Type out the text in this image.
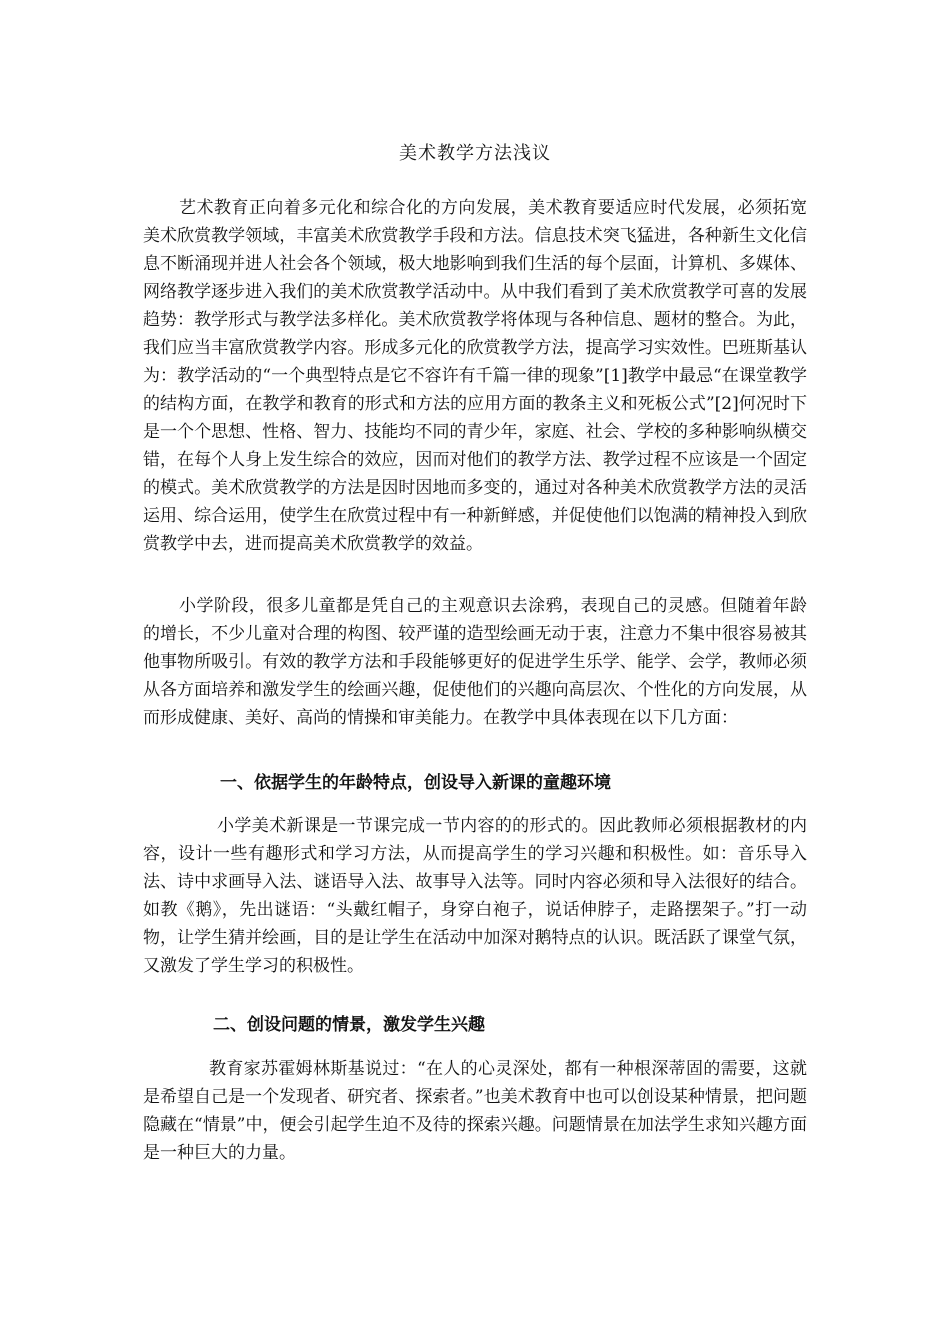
美术教学方法浅议

艺术教育正向着多元化和综合化的方向发展，美术教育要适应时代发展，必须拓宽美术欣赏教学领域，丰富美术欣赏教学手段和方法。信息技术突飞猛进，各种新生文化信息不断涌现并进人社会各个领域，极大地影响到我们生活的每个层面，计算机、多媒体、网络教学逐步进入我们的美术欣赏教学活动中。从中我们看到了美术欣赏教学可喜的发展趋势：教学形式与教学法多样化。美术欣赏教学将体现与各种信息、题材的整合。为此，我们应当丰富欣赏教学内容。形成多元化的欣赏教学方法，提高学习实效性。巴班斯基认为：教学活动的“一个典型特点是它不容许有千篇一律的现象”[1]教学中最忌“在课堂教学的结构方面，在教学和教育的形式和方法的应用方面的教条主义和死板公式”[2]何况时下是一个个思想、性格、智力、技能均不同的青少年，家庭、社会、学校的多种影响纵横交错，在每个人身上发生综合的效应，因而对他们的教学方法、教学过程不应该是一个固定的模式。美术欣赏教学的方法是因时因地而多变的，通过对各种美术欣赏教学方法的灵活运用、综合运用，使学生在欣赏过程中有一种新鲜感，并促使他们以饱满的精神投入到欣赏教学中去，进而提高美术欣赏教学的效益。

小学阶段，很多儿童都是凭自己的主观意识去涂鸦，表现自己的灵感。但随着年龄的增长，不少儿童对合理的构图、较严谨的造型绘画无动于衷，注意力不集中很容易被其他事物所吸引。有效的教学方法和手段能够更好的促进学生乐学、能学、会学，教师必须从各方面培养和激发学生的绘画兴趣，促使他们的兴趣向高层次、个性化的方向发展，从而形成健康、美好、高尚的情操和审美能力。在教学中具体表现在以下几方面：

一、依据学生的年龄特点，创设导入新课的童趣环境

小学美术新课是一节课完成一节内容的的形式的。因此教师必须根据教材的内容，设计一些有趣形式和学习方法，从而提高学生的学习兴趣和积极性。如：音乐导入法、诗中求画导入法、谜语导入法、故事导入法等。同时内容必须和导入法很好的结合。如教《鹅》，先出谜语：“头戴红帽子，身穿白袍子，说话伸脖子，走路摆架子。”打一动物，让学生猜并绘画，目的是让学生在活动中加深对鹅特点的认识。既活跃了课堂气氛，又激发了学生学习的积极性。

二、创设问题的情景，激发学生兴趣

教育家苏霍姆林斯基说过：“在人的心灵深处，都有一种根深蒂固的需要，这就是希望自己是一个发现者、研究者、探索者。”也美术教育中也可以创设某种情景，把问题隐藏在“情景”中，便会引起学生迫不及待的探索兴趣。问题情景在加法学生求知兴趣方面是一种巨大的力量。
